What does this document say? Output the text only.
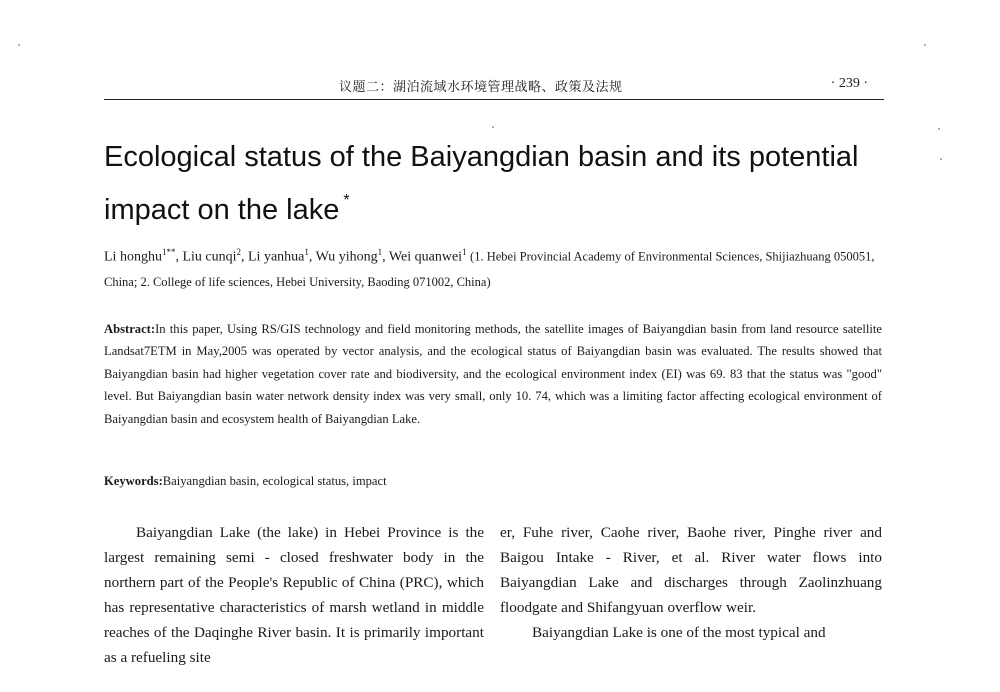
议题二：湖泊流域水环境管理战略、政策及法规	· 239 ·
Ecological status of the Baiyangdian basin and its potential impact on the lake *
Li honghu$^{1**}$, Liu cunqi$^2$, Li yanhua$^1$, Wu yihong$^1$, Wei quanwei$^1$ (1. Hebei Provincial Academy of Environmental Sciences, Shijiazhuang 050051, China; 2. College of life sciences, Hebei University, Baoding 071002, China)
Abstract:In this paper, Using RS/GIS technology and field monitoring methods, the satellite images of Baiyangdian basin from land resource satellite Landsat7ETM in May,2005 was operated by vector analysis, and the ecological status of Baiyangdian basin was evaluated. The results showed that Baiyangdian basin had higher vegetation cover rate and biodiversity, and the ecological environment index (EI) was 69. 83 that the status was "good" level. But Baiyangdian basin water network density index was very small, only 10. 74, which was a limiting factor affecting ecological environment of Baiyangdian basin and ecosystem health of Baiyangdian Lake.
Keywords:Baiyangdian basin, ecological status, impact

Baiyangdian Lake (the lake) in Hebei Province is the largest remaining semi - closed freshwater body in the northern part of the People's Republic of China (PRC), which has representative characteristics of marsh wetland in middle reaches of the Daqinghe River basin. It is primarily important as a refueling site

er, Fuhe river, Caohe river, Baohe river, Pinghe river and Baigou Intake - River, et al. River water flows into Baiyangdian Lake and discharges through Zaolinzhuang floodgate and Shifangyuan overflow weir.

Baiyangdian Lake is one of the most typical and
